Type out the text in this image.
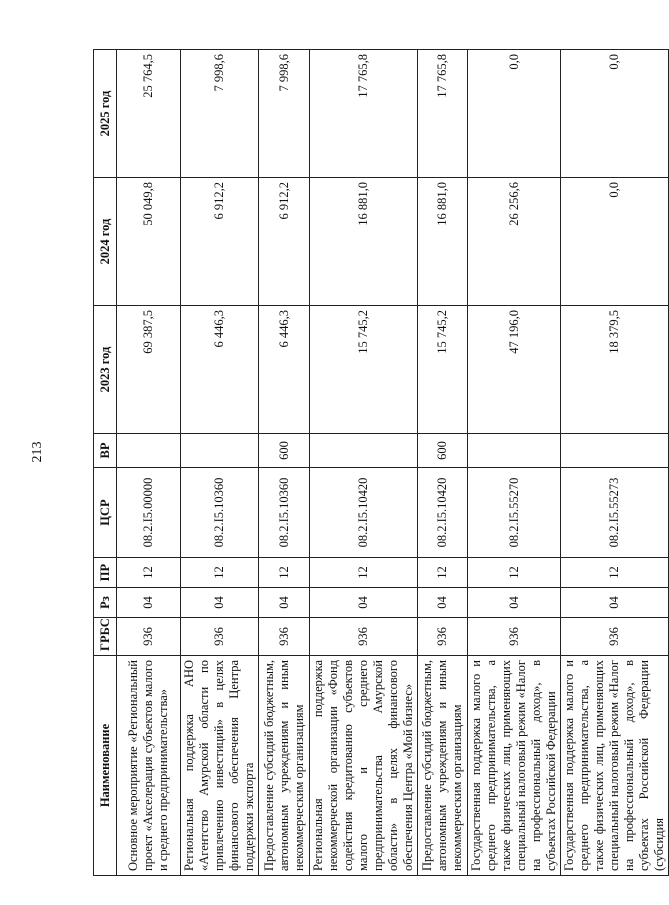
213
Наименование	ГРБС	Рз	ПР	ЦСР	ВР	2023 год	2024 год	2025 год
Основное мероприятие «Региональный проект «Акселерация субъектов малого и среднего предпринимательства»	936	04	12	08.2.I5.00000		69 387,5	50 049,8	25 764,5
Региональная поддержка АНО «Агентство Амурской области по привлечению инвестиций» в целях финансового обеспечения Центра поддержки экспорта	936	04	12	08.2.I5.10360		6 446,3	6 912,2	7 998,6
Предоставление субсидий бюджетным, автономным учреждениям и иным некоммерческим организациям	936	04	12	08.2.I5.10360	600	6 446,3	6 912,2	7 998,6
Региональная поддержка некоммерческой организации «Фонд содействия кредитованию субъектов малого и среднего предпринимательства Амурской области» в целях финансового обеспечения Центра «Мой бизнес»	936	04	12	08.2.I5.10420		15 745,2	16 881,0	17 765,8
Предоставление субсидий бюджетным, автономным учреждениям и иным некоммерческим организациям	936	04	12	08.2.I5.10420	600	15 745,2	16 881,0	17 765,8
Государственная поддержка малого и среднего предпринимательства, а также физических лиц, применяющих специальный налоговый режим «Налог на профессиональный доход», в субъектах Российской Федерации	936	04	12	08.2.I5.55270		47 196,0	26 256,6	0,0
Государственная поддержка малого и среднего предпринимательства, а также физических лиц, применяющих специальный налоговый режим «Налог на профессиональный доход», в субъектах Российской Федерации (субсидия	936	04	12	08.2.I5.55273		18 379,5	0,0	0,0
